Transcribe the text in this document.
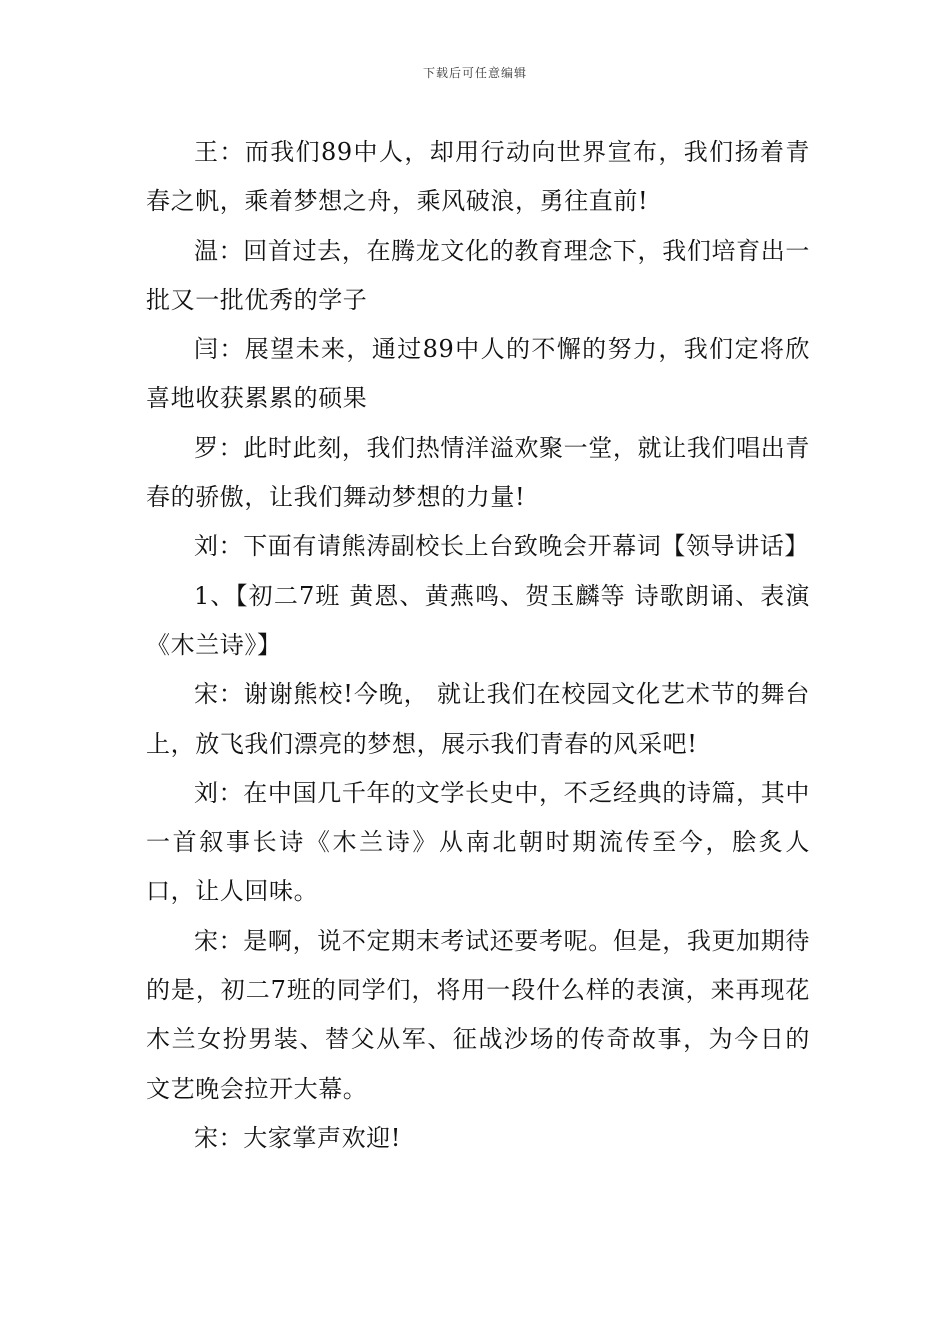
下载后可任意编辑

王：而我们89中人，却用行动向世界宣布，我们扬着青春之帆，乘着梦想之舟，乘风破浪，勇往直前!

温：回首过去，在腾龙文化的教育理念下，我们培育出一批又一批优秀的学子

闫：展望未来，通过89中人的不懈的努力，我们定将欣喜地收获累累的硕果

罗：此时此刻，我们热情洋溢欢聚一堂，就让我们唱出青春的骄傲，让我们舞动梦想的力量!

刘：下面有请熊涛副校长上台致晚会开幕词【领导讲话】

1、【初二7班 黄恩、黄燕鸣、贺玉麟等 诗歌朗诵、表演《木兰诗》】

宋：谢谢熊校!今晚， 就让我们在校园文化艺术节的舞台上，放飞我们漂亮的梦想，展示我们青春的风采吧!

刘：在中国几千年的文学长史中，不乏经典的诗篇，其中一首叙事长诗《木兰诗》从南北朝时期流传至今，脍炙人口，让人回味。

宋：是啊，说不定期末考试还要考呢。但是，我更加期待的是，初二7班的同学们，将用一段什么样的表演，来再现花木兰女扮男装、替父从军、征战沙场的传奇故事，为今日的文艺晚会拉开大幕。

宋：大家掌声欢迎!
